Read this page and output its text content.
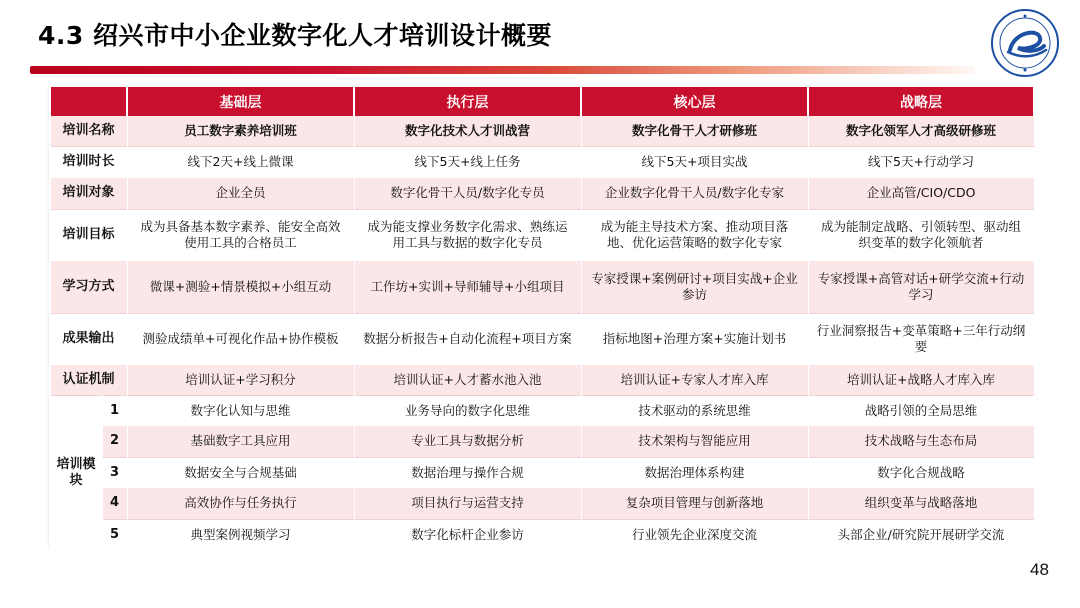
4.3 绍兴市中小企业数字化人才培训设计概要
		基础层	执行层	核心层	战略层
培训名称		员工数字素养培训班	数字化技术人才训战营	数字化骨干人才研修班	数字化领军人才高级研修班
培训时长		线下2天+线上微课	线下5天+线上任务	线下5天+项目实战	线下5天+行动学习
培训对象		企业全员	数字化骨干人员/数字化专员	企业数字化骨干人员/数字化专家	企业高管/CIO/CDO
培训目标		成为具备基本数字素养、能安全高效使用工具的合格员工	成为能支撑业务数字化需求、熟练运用工具与数据的数字化专员	成为能主导技术方案、推动项目落地、优化运营策略的数字化专家	成为能制定战略、引领转型、驱动组织变革的数字化领航者
学习方式		微课+测验+情景模拟+小组互动	工作坊+实训+导师辅导+小组项目	专家授课+案例研讨+项目实战+企业参访	专家授课+高管对话+研学交流+行动学习
成果输出		测验成绩单+可视化作品+协作模板	数据分析报告+自动化流程+项目方案	指标地图+治理方案+实施计划书	行业洞察报告+变革策略+三年行动纲要
认证机制		培训认证+学习积分	培训认证+人才蓄水池入池	培训认证+专家人才库入库	培训认证+战略人才库入库
培训模块	1	数字化认知与思维	业务导向的数字化思维	技术驱动的系统思维	战略引领的全局思维
	2	基础数字工具应用	专业工具与数据分析	技术架构与智能应用	技术战略与生态布局
	3	数据安全与合规基础	数据治理与操作合规	数据治理体系构建	数字化合规战略
	4	高效协作与任务执行	项目执行与运营支持	复杂项目管理与创新落地	组织变革与战略落地
	5	典型案例视频学习	数字化标杆企业参访	行业领先企业深度交流	头部企业/研究院开展研学交流
48
